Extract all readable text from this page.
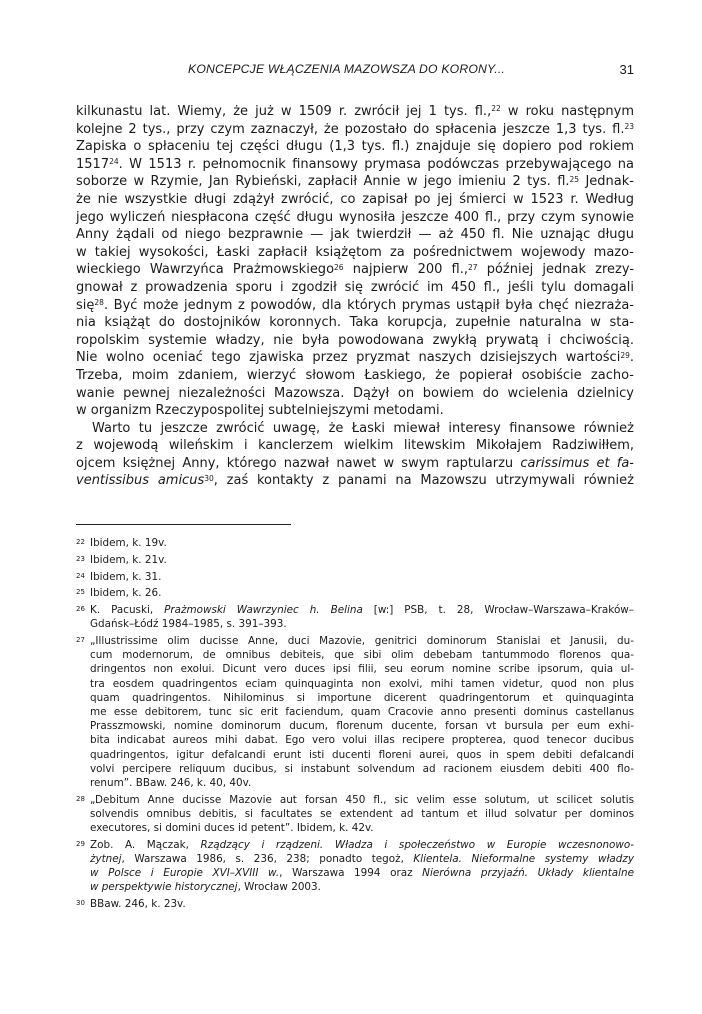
KONCEPCJE WŁĄCZENIA MAZOWSZA DO KORONY...	31
kilkunastu lat. Wiemy, że już w 1509 r. zwrócił jej 1 tys. fl.,$^{22}$ w roku następnym
kolejne 2 tys., przy czym zaznaczył, że pozostało do spłacenia jeszcze 1,3 tys. fl.$^{23}$
Zapiska o spłaceniu tej części długu (1,3 tys. fl.) znajduje się dopiero pod rokiem
1517$^{24}$. W 1513 r. pełnomocnik finansowy prymasa podówczas przebywającego na
soborze w Rzymie, Jan Rybieński, zapłacił Annie w jego imieniu 2 tys. fl.$^{25}$ Jednak-
że nie wszystkie długi zdążył zwrócić, co zapisał po jej śmierci w 1523 r. Według
jego wyliczeń niespłacona część długu wynosiła jeszcze 400 fl., przy czym synowie
Anny żądali od niego bezprawnie — jak twierdził — aż 450 fl. Nie uznając długu
w takiej wysokości, Łaski zapłacił książętom za pośrednictwem wojewody mazo-
wieckiego Wawrzyńca Prażmowskiego$^{26}$ najpierw 200 fl.,$^{27}$ później jednak zrezy-
gnował z prowadzenia sporu i zgodził się zwrócić im 450 fl., jeśli tylu domagali
się$^{28}$. Być może jednym z powodów, dla których prymas ustąpił była chęć niezraża-
nia książąt do dostojników koronnych. Taka korupcja, zupełnie naturalna w sta-
ropolskim systemie władzy, nie była powodowana zwykłą prywatą i chciwością.
Nie wolno oceniać tego zjawiska przez pryzmat naszych dzisiejszych wartości$^{29}$.
Trzeba, moim zdaniem, wierzyć słowom Łaskiego, że popierał osobiście zacho-
wanie pewnej niezależności Mazowsza. Dążył on bowiem do wcielenia dzielnicy
w organizm Rzeczypospolitej subtelniejszymi metodami.
Warto tu jeszcze zwrócić uwagę, że Łaski miewał interesy finansowe również
z wojewodą wileńskim i kanclerzem wielkim litewskim Mikołajem Radziwiłłem,
ojcem księżnej Anny, którego nazwał nawet w swym raptularzu carissimus et fa-
ventissibus amicus$^{30}$, zaś kontakty z panami na Mazowszu utrzymywali również
22 Ibidem, k. 19v.
23 Ibidem, k. 21v.
24 Ibidem, k. 31.
25 Ibidem, k. 26.
26 K. Pacuski, Prażmowski Wawrzyniec h. Belina [w:] PSB, t. 28, Wrocław–Warszawa–Kraków–
Gdańsk–Łódź 1984–1985, s. 391–393.
27 „Illustrissime olim ducisse Anne, duci Mazovie, genitrici dominorum Stanislai et Janusii, du-
cum modernorum, de omnibus debiteis, que sibi olim debebam tantummodo florenos qua-
dringentos non exolui. Dicunt vero duces ipsi filii, seu eorum nomine scribe ipsorum, quia ul-
tra eosdem quadringentos eciam quinquaginta non exolvi, mihi tamen videtur, quod non plus
quam quadringentos. Nihilominus si importune dicerent quadringentorum et quinquaginta
me esse debitorem, tunc sic erit faciendum, quam Cracovie anno presenti dominus castellanus
Prasszmowski, nomine dominorum ducum, florenum ducente, forsan vt bursula per eum exhi-
bita indicabat aureos mihi dabat. Ego vero volui illas recipere propterea, quod tenecor ducibus
quadringentos, igitur defalcandi erunt isti ducenti floreni aurei, quos in spem debiti defalcandi
volvi percipere reliquum ducibus, si instabunt solvendum ad racionem eiusdem debiti 400 flo-
renum”. BBaw. 246, k. 40, 40v.
28 „Debitum Anne ducisse Mazovie aut forsan 450 fl., sic velim esse solutum, ut scilicet solutis
solvendis omnibus debitis, si facultates se extendent ad tantum et illud solvatur per dominos
executores, si domini duces id petent”. Ibidem, k. 42v.
29 Zob. A. Mączak, Rządzący i rządzeni. Władza i społeczeństwo w Europie wczesnonowo-
żytnej, Warszawa 1986, s. 236, 238; ponadto tegoż, Klientela. Nieformalne systemy władzy
w Polsce i Europie XVI–XVIII w., Warszawa 1994 oraz Nierówna przyjaźń. Układy klientalne
w perspektywie historycznej, Wrocław 2003.
30 BBaw. 246, k. 23v.
